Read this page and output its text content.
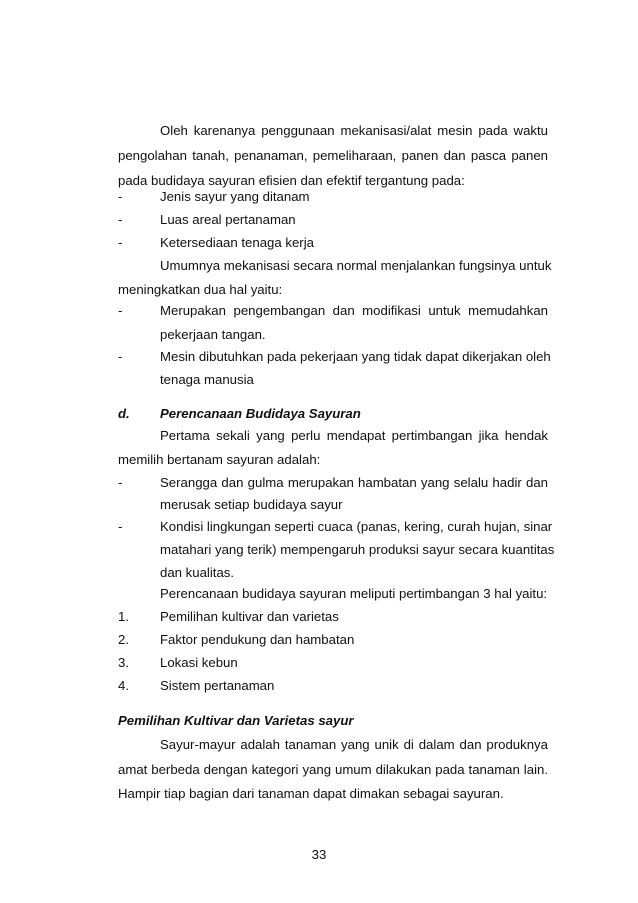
Oleh karenanya penggunaan mekanisasi/alat mesin pada waktu
pengolahan tanah, penanaman, pemeliharaan, panen dan pasca panen
pada budidaya sayuran efisien dan efektif tergantung pada:
-	Jenis sayur yang ditanam
-	Luas areal pertanaman
-	Ketersediaan tenaga kerja
Umumnya mekanisasi secara normal menjalankan fungsinya untuk
meningkatkan dua hal yaitu:
-	Merupakan pengembangan dan modifikasi untuk memudahkan
pekerjaan tangan.
-	Mesin dibutuhkan pada pekerjaan yang tidak dapat dikerjakan oleh
tenaga manusia
d.	Perencanaan Budidaya Sayuran
Pertama sekali yang perlu mendapat pertimbangan jika hendak
memilih bertanam sayuran adalah:
-	Serangga dan gulma merupakan hambatan yang selalu hadir dan
merusak setiap budidaya sayur
-	Kondisi lingkungan seperti cuaca (panas, kering, curah hujan, sinar
matahari yang terik) mempengaruh produksi sayur secara kuantitas
dan kualitas.
Perencanaan budidaya sayuran meliputi pertimbangan 3 hal yaitu:
1.	Pemilihan kultivar dan varietas
2.	Faktor pendukung dan hambatan
3.	Lokasi kebun
4.	Sistem pertanaman
Pemilihan Kultivar dan Varietas sayur
Sayur-mayur adalah tanaman yang unik di dalam dan produknya
amat berbeda dengan kategori yang umum dilakukan pada tanaman lain.
Hampir tiap bagian dari tanaman dapat dimakan sebagai sayuran.
33
